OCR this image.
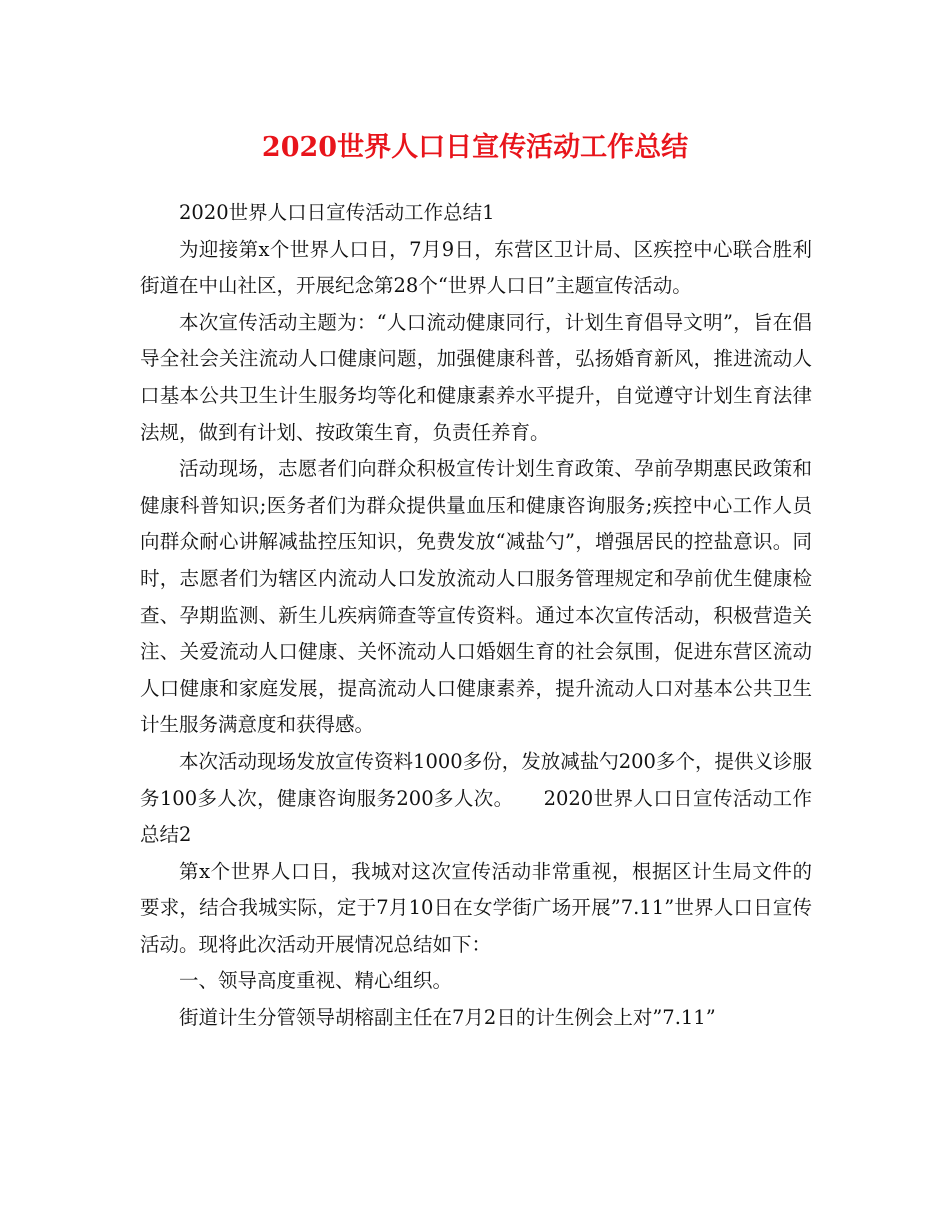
2020世界人口日宣传活动工作总结

2020世界人口日宣传活动工作总结1

为迎接第x个世界人口日，7月9日，东营区卫计局、区疾控中心联合胜利街道在中山社区，开展纪念第28个“世界人口日”主题宣传活动。

本次宣传活动主题为：“人口流动健康同行，计划生育倡导文明”，旨在倡导全社会关注流动人口健康问题，加强健康科普，弘扬婚育新风，推进流动人口基本公共卫生计生服务均等化和健康素养水平提升，自觉遵守计划生育法律法规，做到有计划、按政策生育，负责任养育。

活动现场，志愿者们向群众积极宣传计划生育政策、孕前孕期惠民政策和健康科普知识;医务者们为群众提供量血压和健康咨询服务;疾控中心工作人员向群众耐心讲解减盐控压知识，免费发放“减盐勺”，增强居民的控盐意识。同时，志愿者们为辖区内流动人口发放流动人口服务管理规定和孕前优生健康检查、孕期监测、新生儿疾病筛查等宣传资料。通过本次宣传活动，积极营造关注、关爱流动人口健康、关怀流动人口婚姻生育的社会氛围，促进东营区流动人口健康和家庭发展，提高流动人口健康素养，提升流动人口对基本公共卫生计生服务满意度和获得感。

本次活动现场发放宣传资料1000多份，发放减盐勺200多个，提供义诊服务100多人次，健康咨询服务200多人次。　　2020世界人口日宣传活动工作总结2

第x个世界人口日，我城对这次宣传活动非常重视，根据区计生局文件的要求，结合我城实际，定于7月10日在女学街广场开展”7.11”世界人口日宣传活动。现将此次活动开展情况总结如下：

一、领导高度重视、精心组织。

街道计生分管领导胡榕副主任在7月2日的计生例会上对”7.11”
